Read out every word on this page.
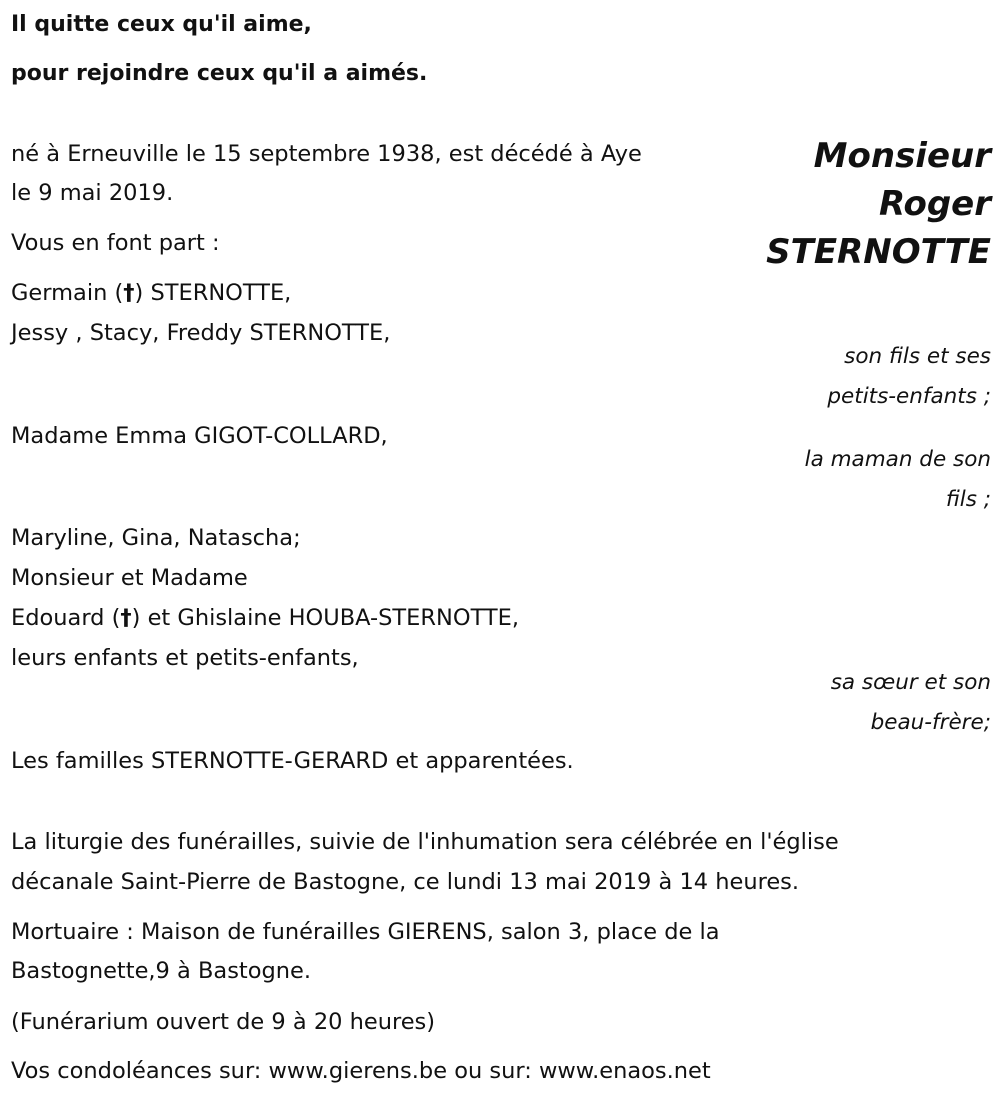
Il quitte ceux qu'il aime,
pour rejoindre ceux qu'il a aimés.
Monsieur
Roger
STERNOTTE
né à Erneuville le 15 septembre 1938, est décédé à Aye
le 9 mai 2019.
Vous en font part :
Germain (†) STERNOTTE,
Jessy , Stacy, Freddy STERNOTTE,
son fils et ses
petits-enfants ;
Madame Emma GIGOT-COLLARD,
la maman de son
fils ;
Maryline, Gina, Natascha;
Monsieur et Madame
Edouard (†) et Ghislaine HOUBA-STERNOTTE,
leurs enfants et petits-enfants,
sa sœur et son
beau-frère;
Les familles STERNOTTE-GERARD et apparentées.
La liturgie des funérailles, suivie de l'inhumation sera célébrée en l'église
décanale Saint-Pierre de Bastogne, ce lundi 13 mai 2019 à 14 heures.
Mortuaire : Maison de funérailles GIERENS, salon 3, place de la
Bastognette,9 à Bastogne.
(Funérarium ouvert de 9 à 20 heures)
Vos condoléances sur: www.gierens.be ou sur: www.enaos.net
